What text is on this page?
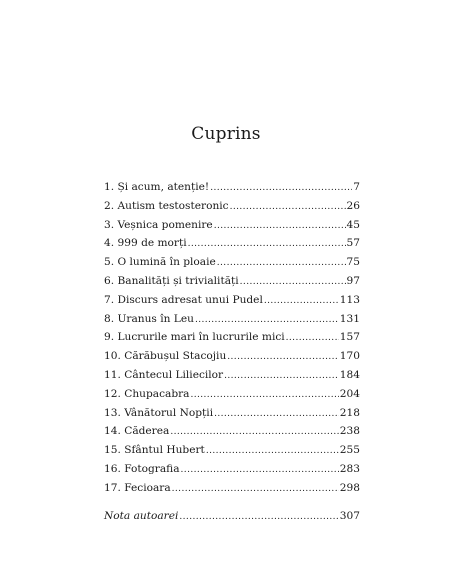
Cuprins
1. Și acum, atenție! .....	7
2. Autism testosteronic .....	26
3. Veșnica pomenire .....	45
4. 999 de morți .....	57
5. O lumină în ploaie .....	75
6. Banalități și trivialități .....	97
7. Discurs adresat unui Pudel .....	113
8. Uranus în Leu .....	131
9. Lucrurile mari în lucrurile mici .....	157
10. Cărăbușul Stacojiu .....	170
11. Cântecul Liliecilor .....	184
12. Chupacabra .....	204
13. Vânătorul Nopții .....	218
14. Căderea .....	238
15. Sfântul Hubert .....	255
16. Fotografia .....	283
17. Fecioara .....	298
Nota autoarei .....	307
